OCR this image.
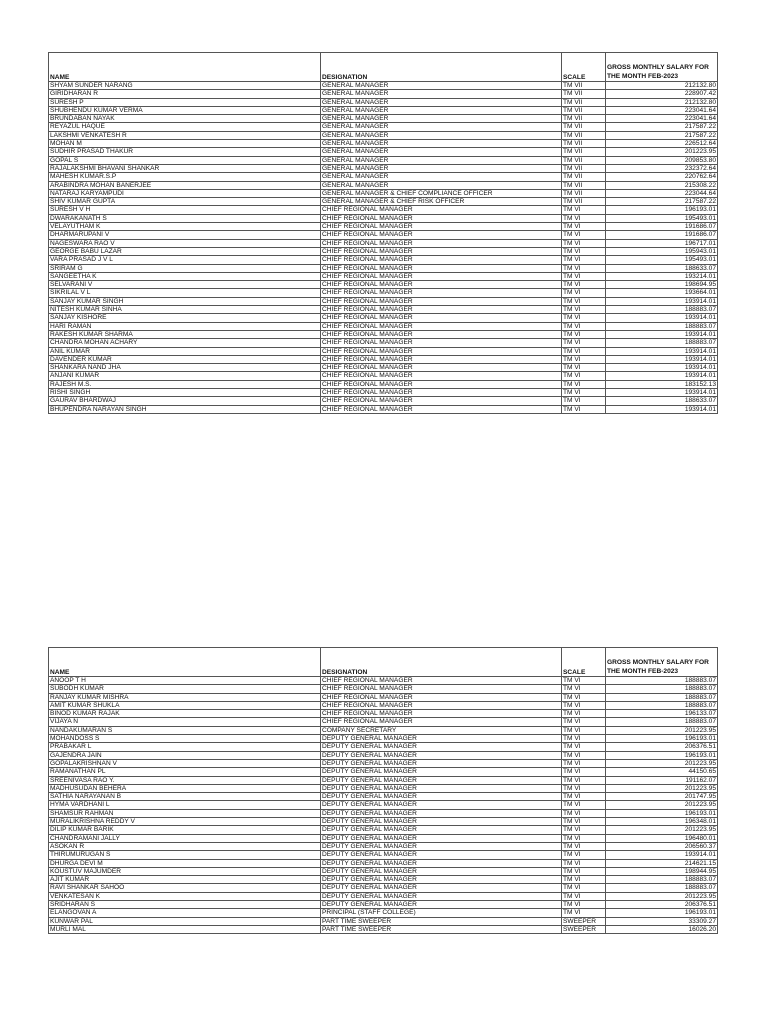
NAME	DESIGNATION	SCALE	GROSS MONTHLY SALARY FOR THE MONTH FEB-2023
SHYAM SUNDER NARANG	GENERAL MANAGER	TM VII	212132.80
GIRIDHARAN R	GENERAL MANAGER	TM VII	228907.42
SURESH P	GENERAL MANAGER	TM VII	212132.80
SHUBHENDU KUMAR VERMA	GENERAL MANAGER	TM VII	223041.64
BRUNDABAN NAYAK	GENERAL MANAGER	TM VII	223041.64
REYAZUL HAQUE	GENERAL MANAGER	TM VII	217587.22
LAKSHMI VENKATESH R	GENERAL MANAGER	TM VII	217587.22
MOHAN M	GENERAL MANAGER	TM VII	226512.64
SUDHIR PRASAD THAKUR	GENERAL MANAGER	TM VII	201223.95
GOPAL S	GENERAL MANAGER	TM VII	209853.80
RAJALAKSHMI BHAVANI SHANKAR	GENERAL MANAGER	TM VII	232372.64
MAHESH KUMAR.S.P	GENERAL MANAGER	TM VII	220762.64
ARABINDRA MOHAN BANERJEE	GENERAL MANAGER	TM VII	215308.22
NATARAJ KARYAMPUDI	GENERAL MANAGER & CHIEF COMPLIANCE OFFICER	TM VII	223044.64
SHIV KUMAR GUPTA	GENERAL MANAGER & CHIEF RISK OFFICER	TM VII	217587.22
SURESH V H	CHIEF REGIONAL MANAGER	TM VI	196193.01
DWARAKANATH S	CHIEF REGIONAL MANAGER	TM VI	195493.01
VELAYUTHAM K	CHIEF REGIONAL MANAGER	TM VI	191686.07
DHARMARUPANI V	CHIEF REGIONAL MANAGER	TM VI	191686.07
NAGESWARA RAO V	CHIEF REGIONAL MANAGER	TM VI	196717.01
GEORGE BABU LAZAR	CHIEF REGIONAL MANAGER	TM VI	195943.01
VARA PRASAD J V L	CHIEF REGIONAL MANAGER	TM VI	195493.01
SRIRAM G	CHIEF REGIONAL MANAGER	TM VI	188633.07
SANGEETHA K	CHIEF REGIONAL MANAGER	TM VI	193214.01
SELVARANI V	CHIEF REGIONAL MANAGER	TM VI	198694.95
SIKRILAL V L	CHIEF REGIONAL MANAGER	TM VI	193664.01
SANJAY KUMAR SINGH	CHIEF REGIONAL MANAGER	TM VI	193914.01
NITESH KUMAR SINHA	CHIEF REGIONAL MANAGER	TM VI	188883.07
SANJAY KISHORE	CHIEF REGIONAL MANAGER	TM VI	193914.01
HARI RAMAN	CHIEF REGIONAL MANAGER	TM VI	188883.07
RAKESH KUMAR SHARMA	CHIEF REGIONAL MANAGER	TM VI	193914.01
CHANDRA MOHAN ACHARY	CHIEF REGIONAL MANAGER	TM VI	188883.07
ANIL KUMAR	CHIEF REGIONAL MANAGER	TM VI	193914.01
DAVENDER KUMAR	CHIEF REGIONAL MANAGER	TM VI	193914.01
SHANKARA NAND JHA	CHIEF REGIONAL MANAGER	TM VI	193914.01
ANJANI KUMAR	CHIEF REGIONAL MANAGER	TM VI	193914.01
RAJESH M.S.	CHIEF REGIONAL MANAGER	TM VI	183152.13
RISHI SINGH	CHIEF REGIONAL MANAGER	TM VI	193914.01
GAURAV BHARDWAJ	CHIEF REGIONAL MANAGER	TM VI	188633.07
BHUPENDRA NARAYAN SINGH	CHIEF REGIONAL MANAGER	TM VI	193914.01
NAME	DESIGNATION	SCALE	GROSS MONTHLY SALARY FOR THE MONTH FEB-2023
ANOOP T H	CHIEF REGIONAL MANAGER	TM VI	188883.07
SUBODH KUMAR	CHIEF REGIONAL MANAGER	TM VI	188883.07
RANJAY KUMAR MISHRA	CHIEF REGIONAL MANAGER	TM VI	188883.07
AMIT KUMAR SHUKLA	CHIEF REGIONAL MANAGER	TM VI	188883.07
BINOD KUMAR RAJAK	CHIEF REGIONAL MANAGER	TM VI	196133.07
VIJAYA N	CHIEF REGIONAL MANAGER	TM VI	188883.07
NANDAKUMARAN S	COMPANY SECRETARY	TM VI	201223.95
MOHANDOSS S	DEPUTY GENERAL MANAGER	TM VI	196193.01
PRABAKAR L	DEPUTY GENERAL MANAGER	TM VI	206376.51
GAJENDRA JAIN	DEPUTY GENERAL MANAGER	TM VI	196193.01
GOPALAKRISHNAN V	DEPUTY GENERAL MANAGER	TM VI	201223.95
RAMANATHAN PL	DEPUTY GENERAL MANAGER	TM VI	44150.65
SREENIVASA RAO Y.	DEPUTY GENERAL MANAGER	TM VI	191162.07
MADHUSUDAN BEHERA	DEPUTY GENERAL MANAGER	TM VI	201223.95
SATHIA NARAYANAN B	DEPUTY GENERAL MANAGER	TM VI	201747.95
HYMA VARDHANI L	DEPUTY GENERAL MANAGER	TM VI	201223.95
SHAMSUR RAHMAN	DEPUTY GENERAL MANAGER	TM VI	196193.01
MURALIKRISHNA REDDY V	DEPUTY GENERAL MANAGER	TM VI	196348.01
DILIP KUMAR BARIK	DEPUTY GENERAL MANAGER	TM VI	201223.95
CHANDRAMANI JALLY	DEPUTY GENERAL MANAGER	TM VI	196480.01
ASOKAN R	DEPUTY GENERAL MANAGER	TM VI	206560.37
THIRUMURUGAN S	DEPUTY GENERAL MANAGER	TM VI	193914.01
DHURGA DEVI M	DEPUTY GENERAL MANAGER	TM VI	214621.15
KOUSTUV MAJUMDER	DEPUTY GENERAL MANAGER	TM VI	198944.95
AJIT KUMAR	DEPUTY GENERAL MANAGER	TM VI	188883.07
RAVI SHANKAR SAHOO	DEPUTY GENERAL MANAGER	TM VI	188883.07
VENKATESAN K	DEPUTY GENERAL MANAGER	TM VI	201223.95
SRIDHARAN S	DEPUTY GENERAL MANAGER	TM VI	206376.51
ELANGOVAN A	PRINCIPAL (STAFF COLLEGE)	TM VI	196193.01
KUNWAR PAL	PART TIME SWEEPER	SWEEPER	33309.27
MURLI MAL	PART TIME SWEEPER	SWEEPER	16026.20
